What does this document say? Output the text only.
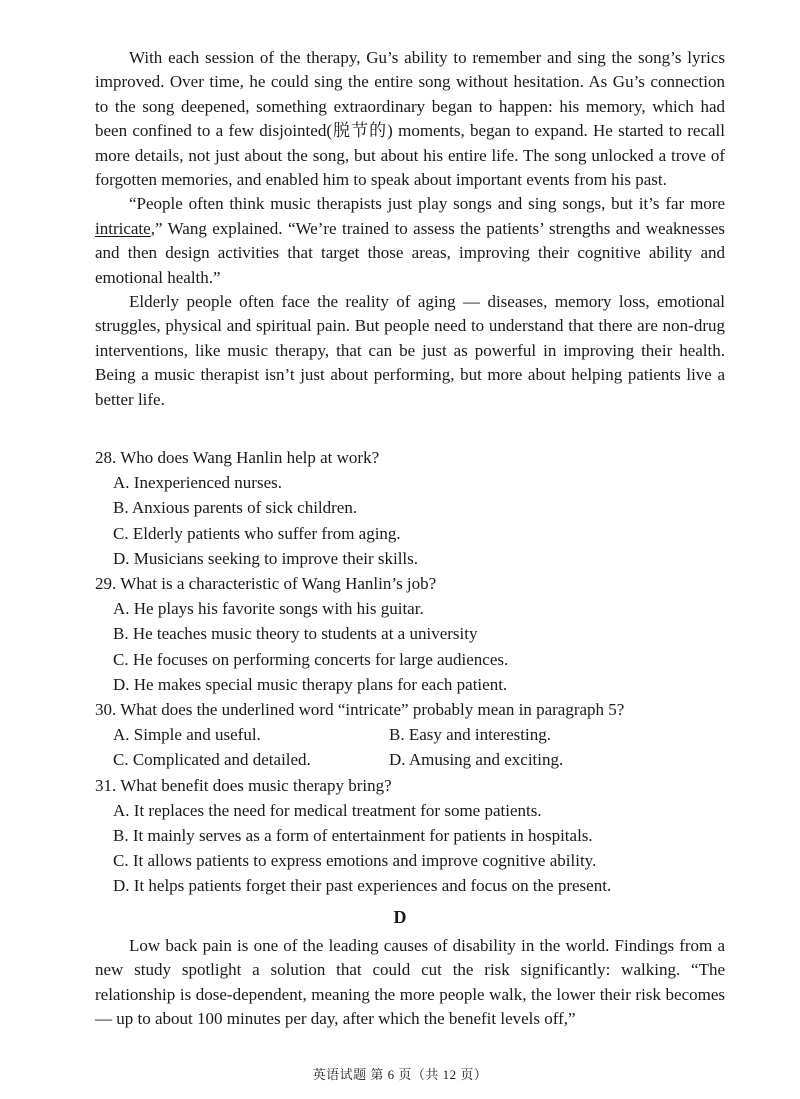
With each session of the therapy, Gu’s ability to remember and sing the song’s lyrics improved. Over time, he could sing the entire song without hesitation. As Gu’s connection to the song deepened, something extraordinary began to happen: his memory, which had been confined to a few disjointed(脱节的) moments, began to expand. He started to recall more details, not just about the song, but about his entire life. The song unlocked a trove of forgotten memories, and enabled him to speak about important events from his past.

“People often think music therapists just play songs and sing songs, but it’s far more intricate,” Wang explained. “We’re trained to assess the patients’ strengths and weaknesses and then design activities that target those areas, improving their cognitive ability and emotional health.”

Elderly people often face the reality of aging — diseases, memory loss, emotional struggles, physical and spiritual pain. But people need to understand that there are non-drug interventions, like music therapy, that can be just as powerful in improving their health. Being a music therapist isn’t just about performing, but more about helping patients live a better life.

28. Who does Wang Hanlin help at work?

A. Inexperienced nurses.

B. Anxious parents of sick children.

C. Elderly patients who suffer from aging.

D. Musicians seeking to improve their skills.

29. What is a characteristic of Wang Hanlin’s job?

A. He plays his favorite songs with his guitar.

B. He teaches music theory to students at a university

C. He focuses on performing concerts for large audiences.

D. He makes special music therapy plans for each patient.

30. What does the underlined word “intricate” probably mean in paragraph 5?

A. Simple and useful.	B. Easy and interesting.
C. Complicated and detailed.	D. Amusing and exciting.

31. What benefit does music therapy bring?

A. It replaces the need for medical treatment for some patients.

B. It mainly serves as a form of entertainment for patients in hospitals.

C. It allows patients to express emotions and improve cognitive ability.

D. It helps patients forget their past experiences and focus on the present.

D

Low back pain is one of the leading causes of disability in the world. Findings from a new study spotlight a solution that could cut the risk significantly: walking. “The relationship is dose-dependent, meaning the more people walk, the lower their risk becomes — up to about 100 minutes per day, after which the benefit levels off,”

英语试题 第 6 页（共 12 页）
